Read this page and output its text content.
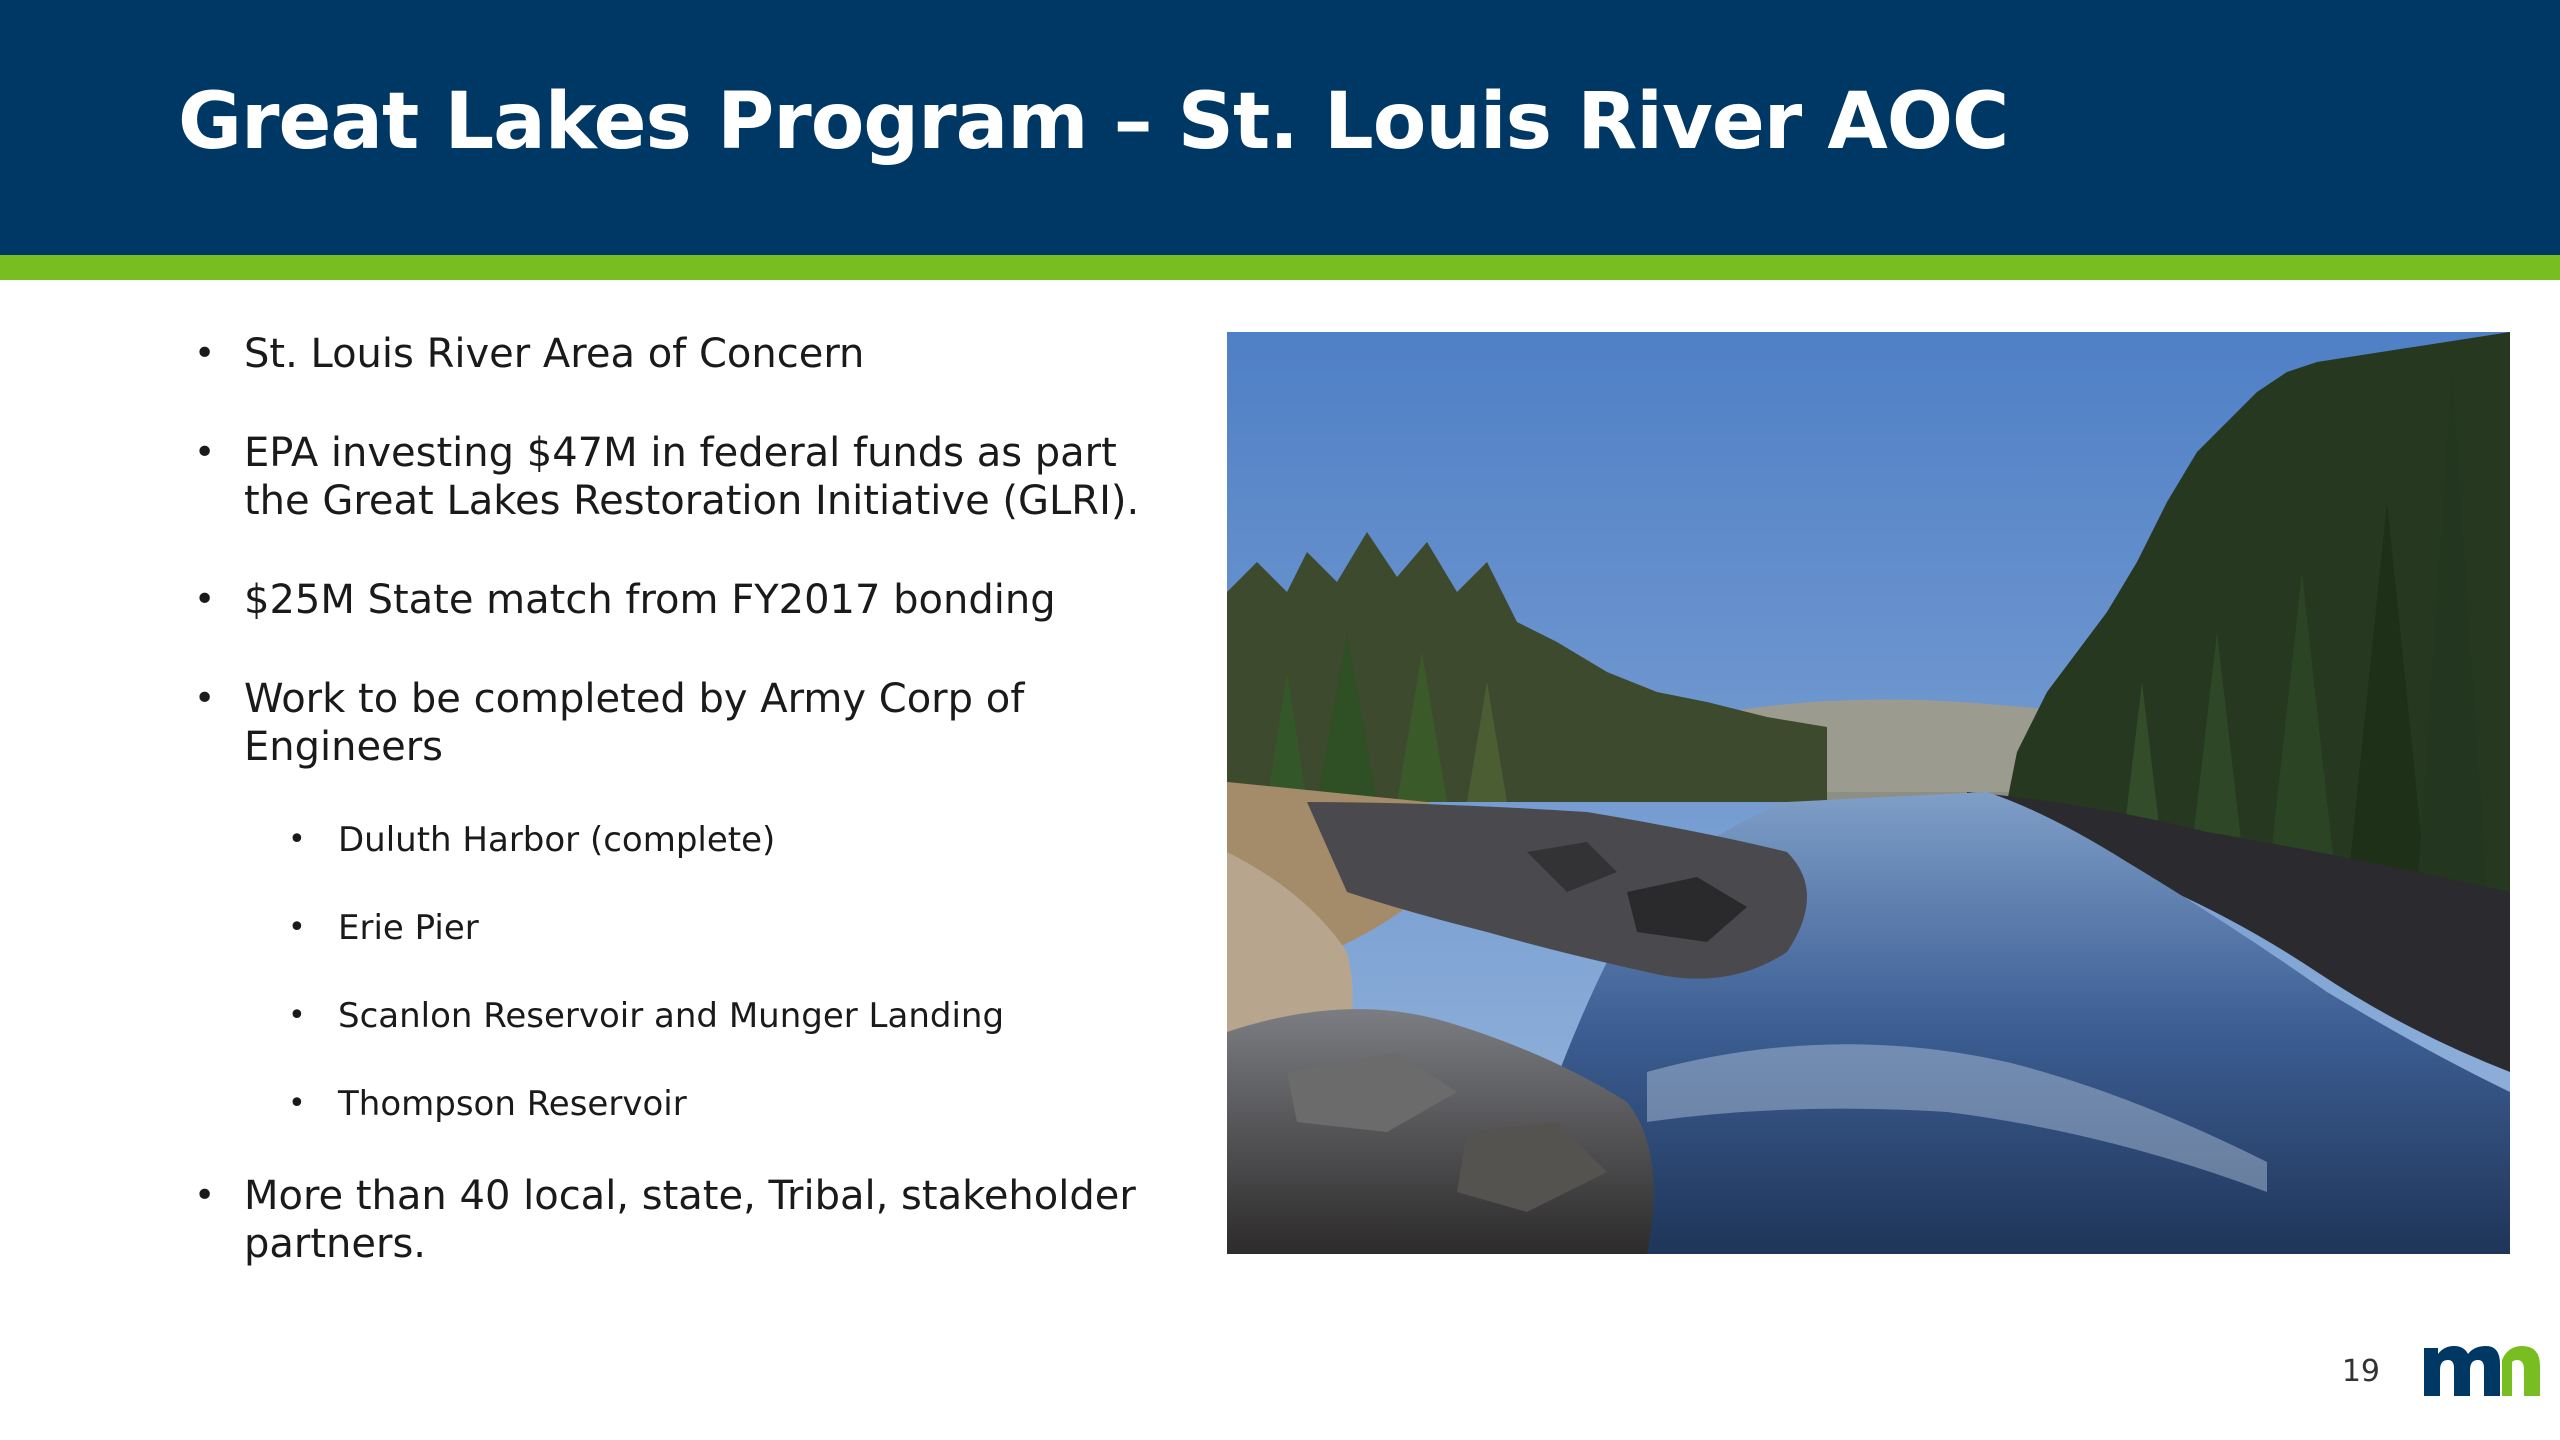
Great Lakes Program – St. Louis River AOC
• St. Louis River Area of Concern
• EPA investing $47M in federal funds as part the Great Lakes Restoration Initiative (GLRI).
• $25M State match from FY2017 bonding
• Work to be completed by Army Corp of Engineers
• Duluth Harbor (complete)
• Erie Pier
• Scanlon Reservoir and Munger Landing
• Thompson Reservoir
• More than 40 local, state, Tribal, stakeholder partners.
19
